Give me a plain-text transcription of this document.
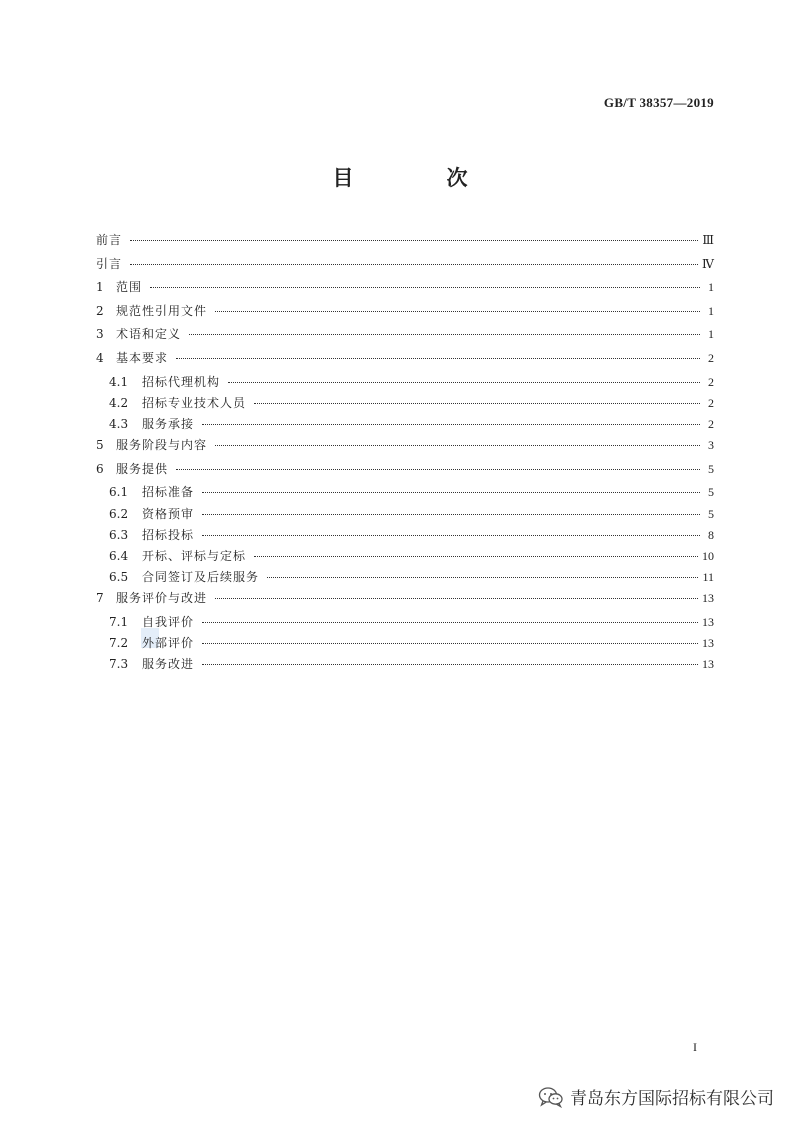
GB/T 38357—2019
目　次
前言	Ⅲ
引言	Ⅳ
1	范围	1
2	规范性引用文件	1
3	术语和定义	1
4	基本要求	2
4.1	招标代理机构	2
4.2	招标专业技术人员	2
4.3	服务承接	2
5	服务阶段与内容	3
6	服务提供	5
6.1	招标准备	5
6.2	资格预审	5
6.3	招标投标	8
6.4	开标、评标与定标	10
6.5	合同签订及后续服务	11
7	服务评价与改进	13
7.1	自我评价	13
7.2	外部评价	13
7.3	服务改进	13
I
青岛东方国际招标有限公司
